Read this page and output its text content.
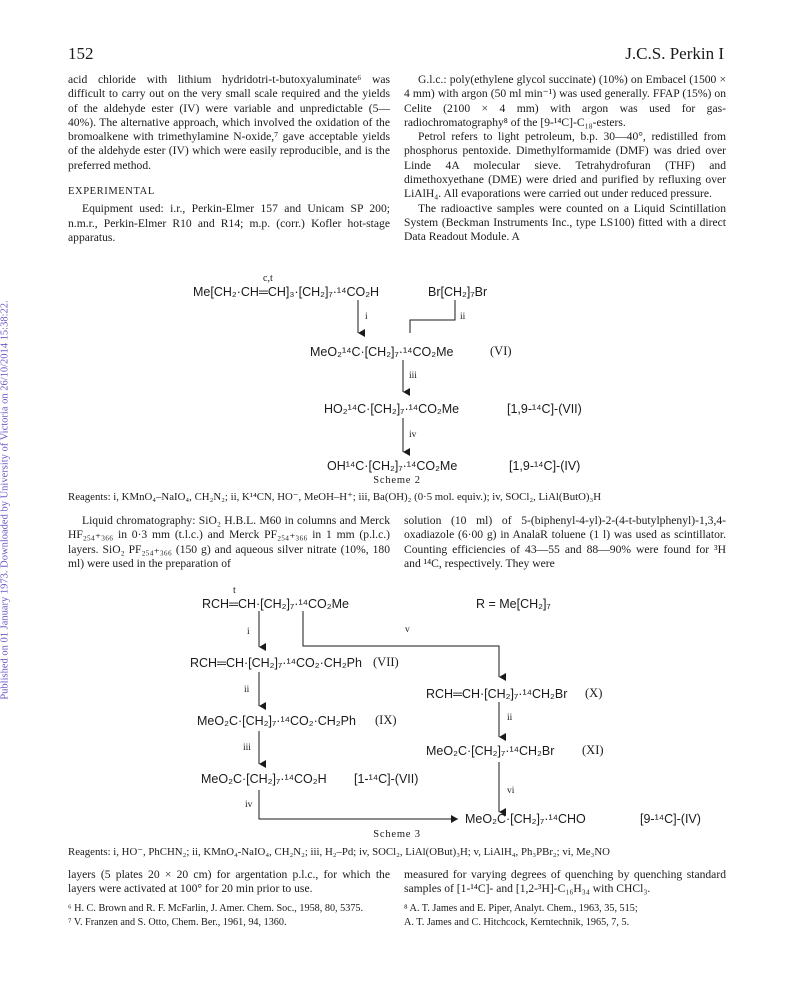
Published on 01 January 1973. Downloaded by University of Victoria on 26/10/2014 15:38:22.
152	J.C.S. Perkin I

acid chloride with lithium hydridotri-t-butoxyaluminate⁶ was difficult to carry out on the very small scale required and the yields of the aldehyde ester (IV) were variable and unpredictable (5—40%). The alternative approach, which involved the oxidation of the bromoalkene with trimethylamine N-oxide,⁷ gave acceptable yields of the aldehyde ester (IV) which were easily reproducible, and is the preferred method.

EXPERIMENTAL

Equipment used: i.r., Perkin-Elmer 157 and Unicam SP 200; n.m.r., Perkin-Elmer R10 and R14; m.p. (corr.) Kofler hot-stage apparatus.

G.l.c.: poly(ethylene glycol succinate) (10%) on Embacel (1500 × 4 mm) with argon (50 ml min⁻¹) was used generally. FFAP (15%) on Celite (2100 × 4 mm) with argon was used for gas-radiochromatography⁸ of the [9-¹⁴C]-C₁₈-esters.

Petrol refers to light petroleum, b.p. 30—40°, redistilled from phosphorus pentoxide. Dimethylformamide (DMF) was dried over Linde 4A molecular sieve. Tetrahydrofuran (THF) and dimethoxyethane (DME) were dried and purified by refluxing over LiAlH₄. All evaporations were carried out under reduced pressure.

The radioactive samples were counted on a Liquid Scintillation System (Beckman Instruments Inc., type LS100) fitted with a direct Data Readout Module. A

c,t
Me[CH₂·CH═CH]₃·[CH₂]₇·¹⁴CO₂H	Br[CH₂]₇Br
i	ii
MeO₂¹⁴C·[CH₂]₇·¹⁴CO₂Me	(VI)
iii
HO₂¹⁴C·[CH₂]₇·¹⁴CO₂Me	[1,9-¹⁴C]-(VII)
iv
OH¹⁴C·[CH₂]₇·¹⁴CO₂Me	[1,9-¹⁴C]-(IV)
Scheme 2
Reagents: i, KMnO₄–NaIO₄, CH₂N₂; ii, K¹⁴CN, HO⁻, MeOH–H⁺; iii, Ba(OH)₂ (0·5 mol. equiv.); iv, SOCl₂, LiAl(ButO)₃H

Liquid chromatography: SiO₂ H.B.L. M60 in columns and Merck HF₂₅₄₊₃₆₆ in 0·3 mm (t.l.c.) and Merck PF₂₅₄₊₃₆₆ in 1 mm (p.l.c.) layers. SiO₂ PF₂₅₄₊₃₆₆ (150 g) and aqueous silver nitrate (10%, 180 ml) were used in the preparation of

solution (10 ml) of 5-(biphenyl-4-yl)-2-(4-t-butylphenyl)-1,3,4-oxadiazole (6·00 g) in AnalaR toluene (1 l) was used as scintillator. Counting efficiencies of 43—55 and 88—90% were found for ³H and ¹⁴C, respectively. They were

t
RCH═CH·[CH₂]₇·¹⁴CO₂Me	R = Me[CH₂]₇
i	v
RCH═CH·[CH₂]₇·¹⁴CO₂·CH₂Ph (VII)
RCH═CH·[CH₂]₇·¹⁴CH₂Br (X)
ii
MeO₂C·[CH₂]₇·¹⁴CO₂·CH₂Ph (IX)	ii
iii	MeO₂C·[CH₂]₇·¹⁴CH₂Br (XI)
MeO₂C·[CH₂]₇·¹⁴CO₂H [1-¹⁴C]-(VII)
vi
iv
MeO₂C·[CH₂]₇·¹⁴CHO	[9-¹⁴C]-(IV)
Scheme 3
Reagents: i, HO⁻, PhCHN₂; ii, KMnO₄-NaIO₄, CH₂N₂; iii, H₂–Pd; iv, SOCl₂, LiAl(OBut)₃H; v, LiAlH₄, Ph₃PBr₂; vi, Me₃NO

layers (5 plates 20 × 20 cm) for argentation p.l.c., for which the layers were activated at 100° for 20 min prior to use.

⁶ H. C. Brown and R. F. McFarlin, J. Amer. Chem. Soc., 1958, 80, 5375.

⁷ V. Franzen and S. Otto, Chem. Ber., 1961, 94, 1360.

measured for varying degrees of quenching by quenching standard samples of [1-¹⁴C]- and [1,2-³H]-C₁₆H₃₄ with CHCl₃.

⁸ A. T. James and E. Piper, Analyt. Chem., 1963, 35, 515;

A. T. James and C. Hitchcock, Kerntechnik, 1965, 7, 5.
